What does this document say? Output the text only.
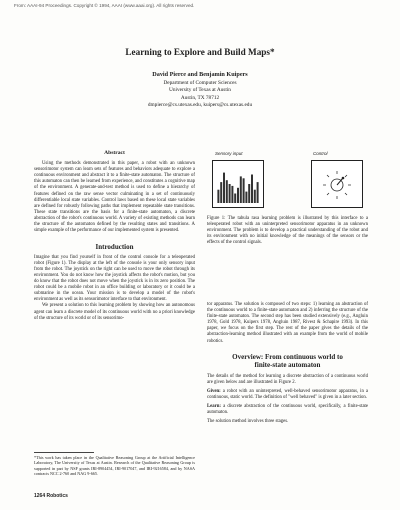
From: AAAI-94 Proceedings. Copyright © 1994, AAAI (www.aaai.org). All rights reserved.
Learning to Explore and Build Maps*
David Pierce and Benjamin Kuipers
Department of Computer Sciences
University of Texas at Austin
Austin, TX 78712
dmpierce@cs.utexas.edu, kuipers@cs.utexas.edu

Abstract

Using the methods demonstrated in this paper, a robot with an unknown sensorimotor system can learn sets of features and behaviors adequate to explore a continuous environment and abstract it to a finite-state automaton. The structure of this automaton can then be learned from experience, and constitutes a cognitive map of the environment. A generate-and-test method is used to define a hierarchy of features defined on the raw sense vector culminating in a set of continuously differentiable local state variables. Control laws based on these local state variables are defined for robustly following paths that implement repeatable state transitions. These state transitions are the basis for a finite-state automaton, a discrete abstraction of the robot's continuous world. A variety of existing methods can learn the structure of the automaton defined by the resulting states and transitions. A simple example of the performance of our implemented system is presented.

Introduction

Imagine that you find yourself in front of the control console for a teleoperated robot (Figure 1). The display at the left of the console is your only sensory input from the robot. The joystick on the right can be used to move the robot through its environment. You do not know how the joystick affects the robot's motion, but you do know that the robot does not move when the joystick is in its zero position. The robot could be a mobile robot in an office building or laboratory or it could be a submarine in the ocean. Your mission is to develop a model of the robot's environment as well as its sensorimotor interface to that environment.

We present a solution to this learning problem by showing how an autonomous agent can learn a discrete model of its continuous world with no a priori knowledge of the structure of its world or of its sensorimo-

*This work has taken place in the Qualitative Reasoning Group at the Artificial Intelligence Laboratory, The University of Texas at Austin. Research of the Qualitative Reasoning Group is supported in part by NSF grants IRI-8904454, IRI-9017047, and IRI-9216584, and by NASA contracts NCC 2-760 and NAG 9-665.
1264 Robotics
Sensory input	Control
Figure 1: The tabula rasa learning problem is illustrated by this interface to a teleoperated robot with an uninterpreted sensorimotor apparatus in an unknown environment. The problem is to develop a practical understanding of the robot and its environment with no initial knowledge of the meanings of the sensors or the effects of the control signals.

tor apparatus. The solution is composed of two steps: 1) learning an abstraction of the continuous world to a finite-state automaton and 2) inferring the structure of the finite-state automaton. The second step has been studied extensively (e.g., Angluin 1978, Gold 1978, Kuipers 1978, Angluin 1987, Rivest & Schapire 1993). In this paper, we focus on the first step. The rest of the paper gives the details of the abstraction-learning method illustrated with an example from the world of mobile robotics.

Overview: From continuous world to

finite-state automaton

The details of the method for learning a discrete abstraction of a continuous world are given below and are illustrated in Figure 2.

Given: a robot with an uninterpreted, well-behaved sensorimotor apparatus, in a continuous, static world. The definition of "well behaved" is given in a later section.

Learn: a discrete abstraction of the continuous world, specifically, a finite-state automaton.

The solution method involves three stages.
